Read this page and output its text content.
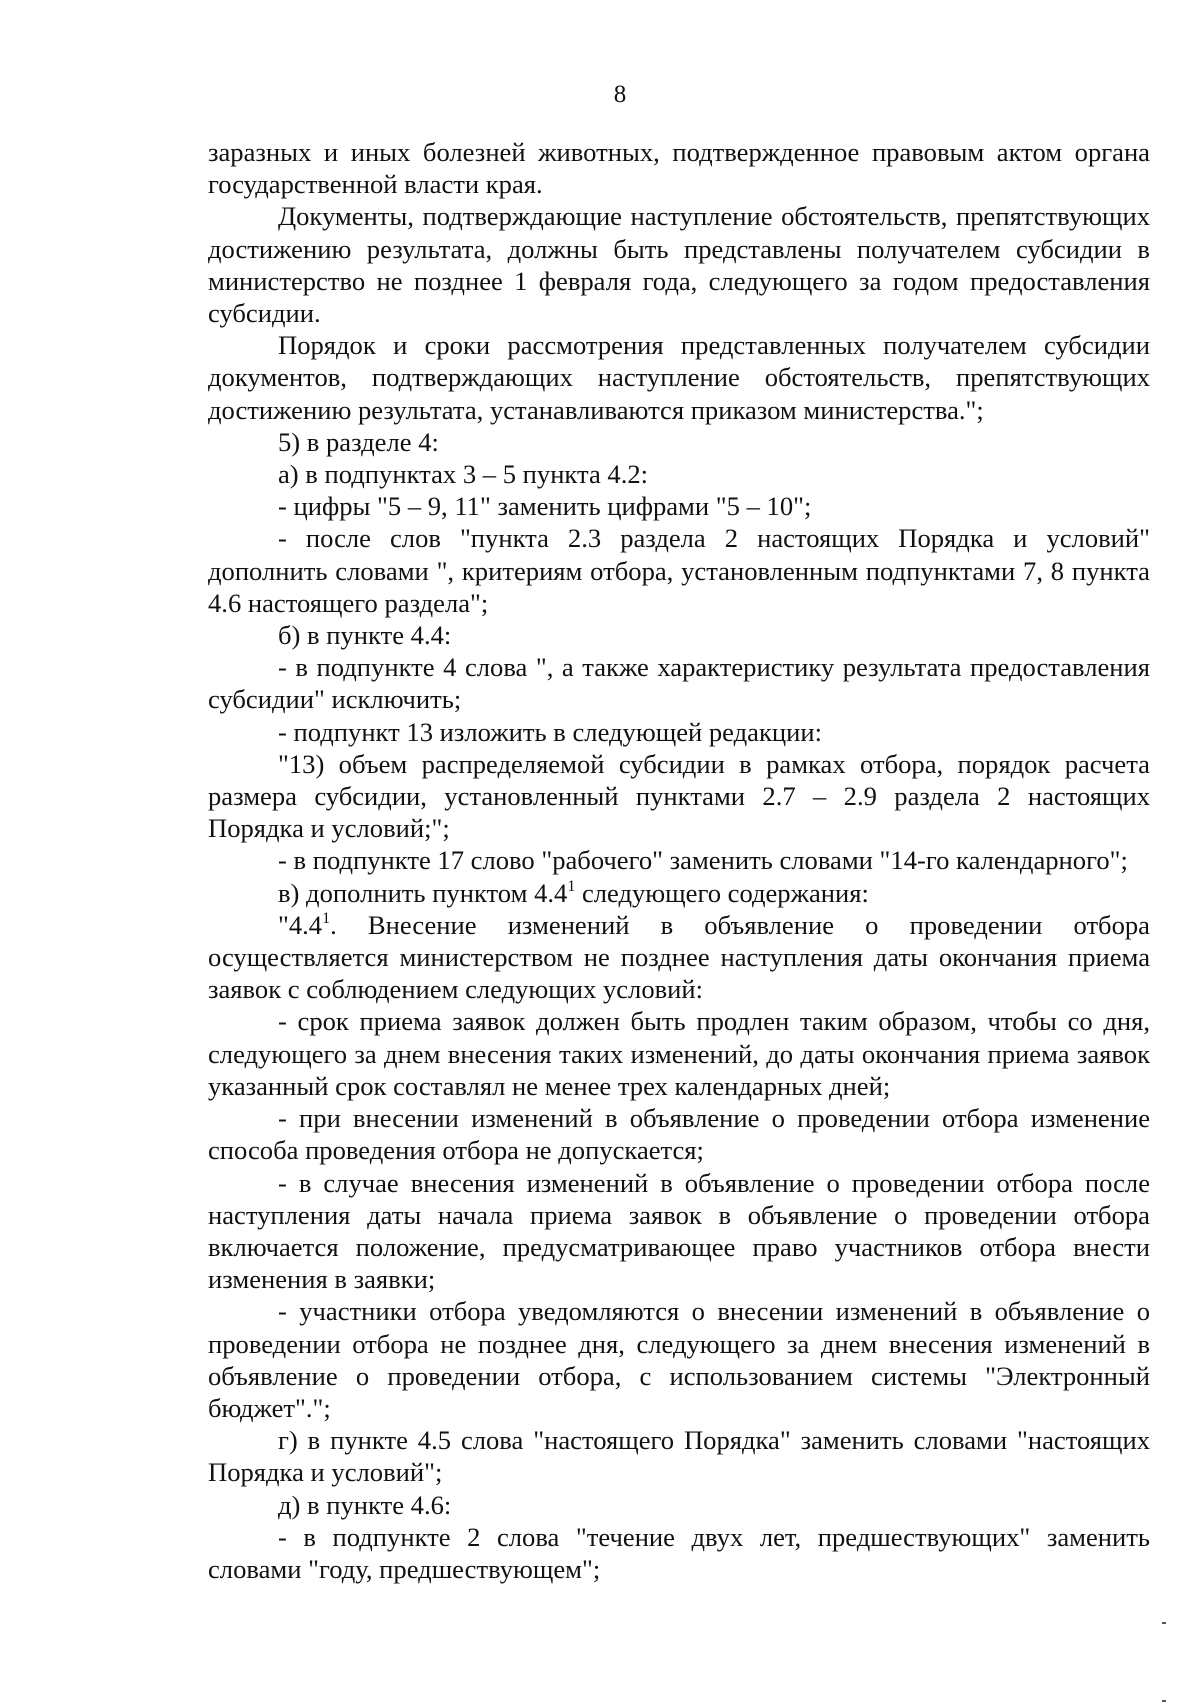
8

заразных и иных болезней животных, подтвержденное правовым актом органа государственной власти края.

Документы, подтверждающие наступление обстоятельств, препятствующих достижению результата, должны быть представлены получателем субсидии в министерство не позднее 1 февраля года, следующего за годом предоставления субсидии.

Порядок и сроки рассмотрения представленных получателем субсидии документов, подтверждающих наступление обстоятельств, препятствующих достижению результата, устанавливаются приказом министерства.";

5) в разделе 4:

а) в подпунктах 3 – 5 пункта 4.2:

- цифры "5 – 9, 11" заменить цифрами "5 – 10";

- после слов "пункта 2.3 раздела 2 настоящих Порядка и условий" дополнить словами ", критериям отбора, установленным подпунктами 7, 8 пункта 4.6 настоящего раздела";

б) в пункте 4.4:

- в подпункте 4 слова ", а также характеристику результата предоставления субсидии" исключить;

- подпункт 13 изложить в следующей редакции:

"13) объем распределяемой субсидии в рамках отбора, порядок расчета размера субсидии, установленный пунктами 2.7 – 2.9 раздела 2 настоящих Порядка и условий;";

- в подпункте 17 слово "рабочего" заменить словами "14-го календарного";

в) дополнить пунктом $4.4^1$ следующего содержания:

"$4.4^1$. Внесение изменений в объявление о проведении отбора осуществляется министерством не позднее наступления даты окончания приема заявок с соблюдением следующих условий:

- срок приема заявок должен быть продлен таким образом, чтобы со дня, следующего за днем внесения таких изменений, до даты окончания приема заявок указанный срок составлял не менее трех календарных дней;

- при внесении изменений в объявление о проведении отбора изменение способа проведения отбора не допускается;

- в случае внесения изменений в объявление о проведении отбора после наступления даты начала приема заявок в объявление о проведении отбора включается положение, предусматривающее право участников отбора внести изменения в заявки;

- участники отбора уведомляются о внесении изменений в объявление о проведении отбора не позднее дня, следующего за днем внесения изменений в объявление о проведении отбора, с использованием системы "Электронный бюджет".";

г) в пункте 4.5 слова "настоящего Порядка" заменить словами "настоящих Порядка и условий";

д) в пункте 4.6:

- в подпункте 2 слова "течение двух лет, предшествующих" заменить словами "году, предшествующем";
